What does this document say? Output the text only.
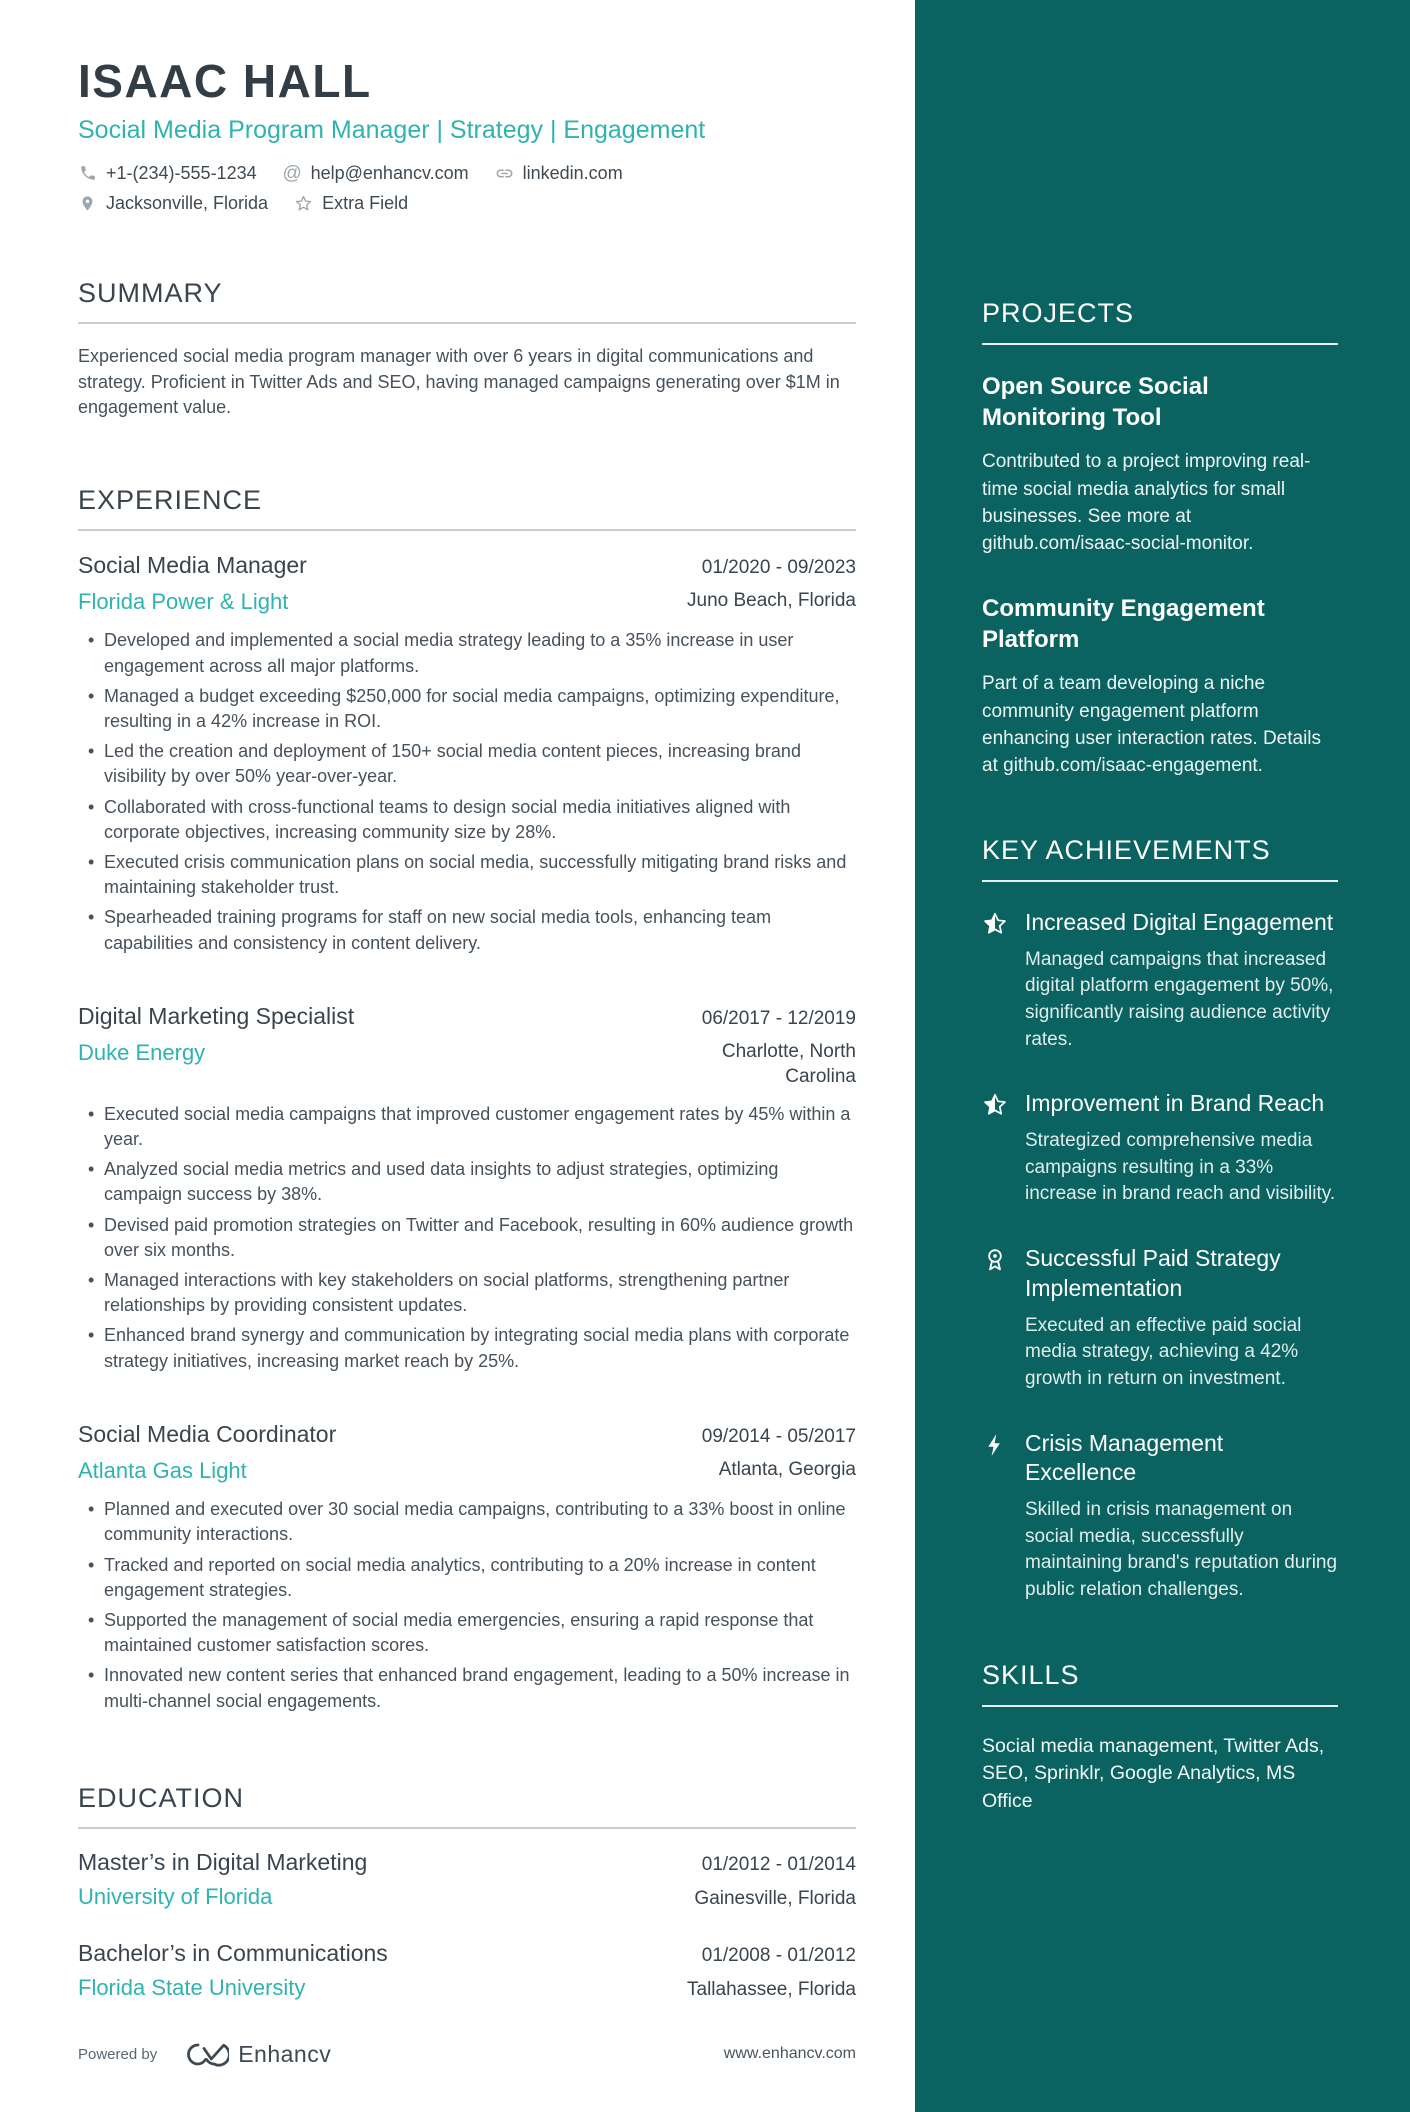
ISAAC HALL
Social Media Program Manager | Strategy | Engagement
+1-(234)-555-1234 @ help@enhancv.com	linkedin.com
Jacksonville, Florida	Extra Field
SUMMARY

Experienced social media program manager with over 6 years in digital communications and strategy. Proficient in Twitter Ads and SEO, having managed campaigns generating over $1M in engagement value.

EXPERIENCE
Social Media Manager	01/2020 - 09/2023
Florida Power & Light	Juno Beach, Florida
• Developed and implemented a social media strategy leading to a 35% increase in user engagement across all major platforms.
• Managed a budget exceeding $250,000 for social media campaigns, optimizing expenditure, resulting in a 42% increase in ROI.
• Led the creation and deployment of 150+ social media content pieces, increasing brand visibility by over 50% year-over-year.
• Collaborated with cross-functional teams to design social media initiatives aligned with corporate objectives, increasing community size by 28%.
• Executed crisis communication plans on social media, successfully mitigating brand risks and maintaining stakeholder trust.
• Spearheaded training programs for staff on new social media tools, enhancing team capabilities and consistency in content delivery.
Digital Marketing Specialist	06/2017 - 12/2019
Duke Energy	Charlotte, North Carolina
• Executed social media campaigns that improved customer engagement rates by 45% within a year.
• Analyzed social media metrics and used data insights to adjust strategies, optimizing campaign success by 38%.
• Devised paid promotion strategies on Twitter and Facebook, resulting in 60% audience growth over six months.
• Managed interactions with key stakeholders on social platforms, strengthening partner relationships by providing consistent updates.
• Enhanced brand synergy and communication by integrating social media plans with corporate strategy initiatives, increasing market reach by 25%.
Social Media Coordinator	09/2014 - 05/2017
Atlanta Gas Light	Atlanta, Georgia
• Planned and executed over 30 social media campaigns, contributing to a 33% boost in online community interactions.
• Tracked and reported on social media analytics, contributing to a 20% increase in content engagement strategies.
• Supported the management of social media emergencies, ensuring a rapid response that maintained customer satisfaction scores.
• Innovated new content series that enhanced brand engagement, leading to a 50% increase in multi-channel social engagements.
EDUCATION
Master’s in Digital Marketing	01/2012 - 01/2014
University of Florida	Gainesville, Florida
Bachelor’s in Communications	01/2008 - 01/2012
Florida State University	Tallahassee, Florida
Powered by	Enhancv	www.enhancv.com
PROJECTS
Open Source Social Monitoring Tool
Contributed to a project improving real-time social media analytics for small businesses. See more at github.com/isaac-social-monitor.
Community Engagement Platform
Part of a team developing a niche community engagement platform enhancing user interaction rates. Details at github.com/isaac-engagement.
KEY ACHIEVEMENTS
Increased Digital Engagement
Managed campaigns that increased digital platform engagement by 50%, significantly raising audience activity rates.
Improvement in Brand Reach
Strategized comprehensive media campaigns resulting in a 33% increase in brand reach and visibility.
Successful Paid Strategy Implementation
Executed an effective paid social media strategy, achieving a 42% growth in return on investment.
Crisis Management Excellence
Skilled in crisis management on social media, successfully maintaining brand's reputation during public relation challenges.
SKILLS
Social media management, Twitter Ads, SEO, Sprinklr, Google Analytics, MS Office
